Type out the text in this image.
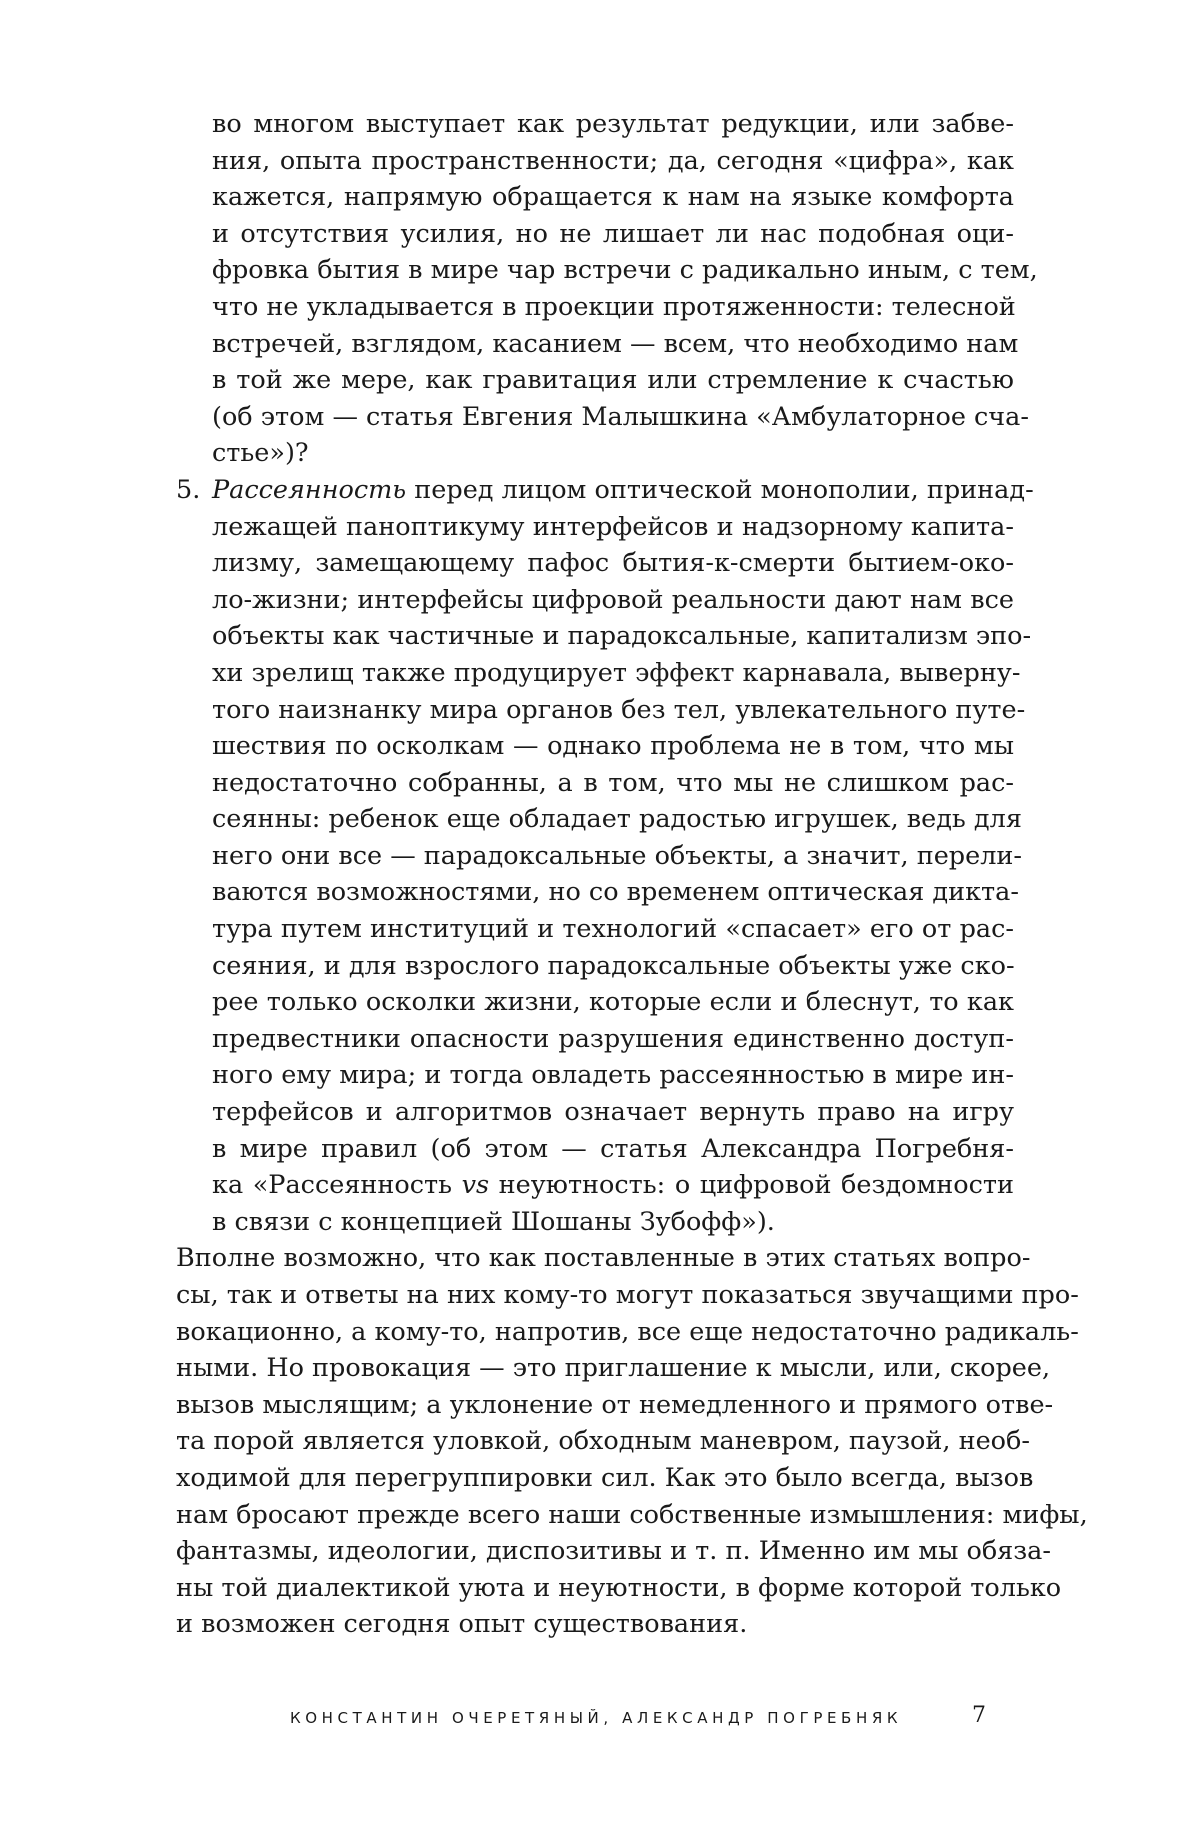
во многом выступает как результат редукции, или забве-
ния, опыта пространственности; да, сегодня «цифра», как
кажется, напрямую обращается к нам на языке комфорта
и отсутствия усилия, но не лишает ли нас подобная оци-
фровка бытия в мире чар встречи с радикально иным, с тем,
что не укладывается в проекции протяженности: телесной
встречей, взглядом, касанием — всем, что необходимо нам
в той же мере, как гравитация или стремление к счастью
(об этом — статья Евгения Малышкина «Амбулаторное сча-
стье»)?
5. Рассеянность перед лицом оптической монополии, принад-
лежащей паноптикуму интерфейсов и надзорному капита-
лизму, замещающему пафос бытия-к-смерти бытием-око-
ло-жизни; интерфейсы цифровой реальности дают нам все
объекты как частичные и парадоксальные, капитализм эпо-
хи зрелищ также продуцирует эффект карнавала, выверну-
того наизнанку мира органов без тел, увлекательного путе-
шествия по осколкам — однако проблема не в том, что мы
недостаточно собранны, а в том, что мы не слишком рас-
сеянны: ребенок еще обладает радостью игрушек, ведь для
него они все — парадоксальные объекты, а значит, перели-
ваются возможностями, но со временем оптическая дикта-
тура путем институций и технологий «спасает» его от рас-
сеяния, и для взрослого парадоксальные объекты уже ско-
рее только осколки жизни, которые если и блеснут, то как
предвестники опасности разрушения единственно доступ-
ного ему мира; и тогда овладеть рассеянностью в мире ин-
терфейсов и алгоритмов означает вернуть право на игру
в мире правил (об этом — статья Александра Погребня-
ка «Рассеянность vs неуютность: о цифровой бездомности
в связи с концепцией Шошаны Зубофф»).
Вполне возможно, что как поставленные в этих статьях вопро-
сы, так и ответы на них кому-то могут показаться звучащими про-
вокационно, а кому-то, напротив, все еще недостаточно радикаль-
ными. Но провокация — это приглашение к мысли, или, скорее,
вызов мыслящим; а уклонение от немедленного и прямого отве-
та порой является уловкой, обходным маневром, паузой, необ-
ходимой для перегруппировки сил. Как это было всегда, вызов
нам бросают прежде всего наши собственные измышления: мифы,
фантазмы, идеологии, диспозитивы и т. п. Именно им мы обяза-
ны той диалектикой уюта и неуютности, в форме которой только
и возможен сегодня опыт существования.
КОНСТАНТИН ОЧЕРЕТЯНЫЙ, АЛЕКСАНДР ПОГРЕБНЯК	7
